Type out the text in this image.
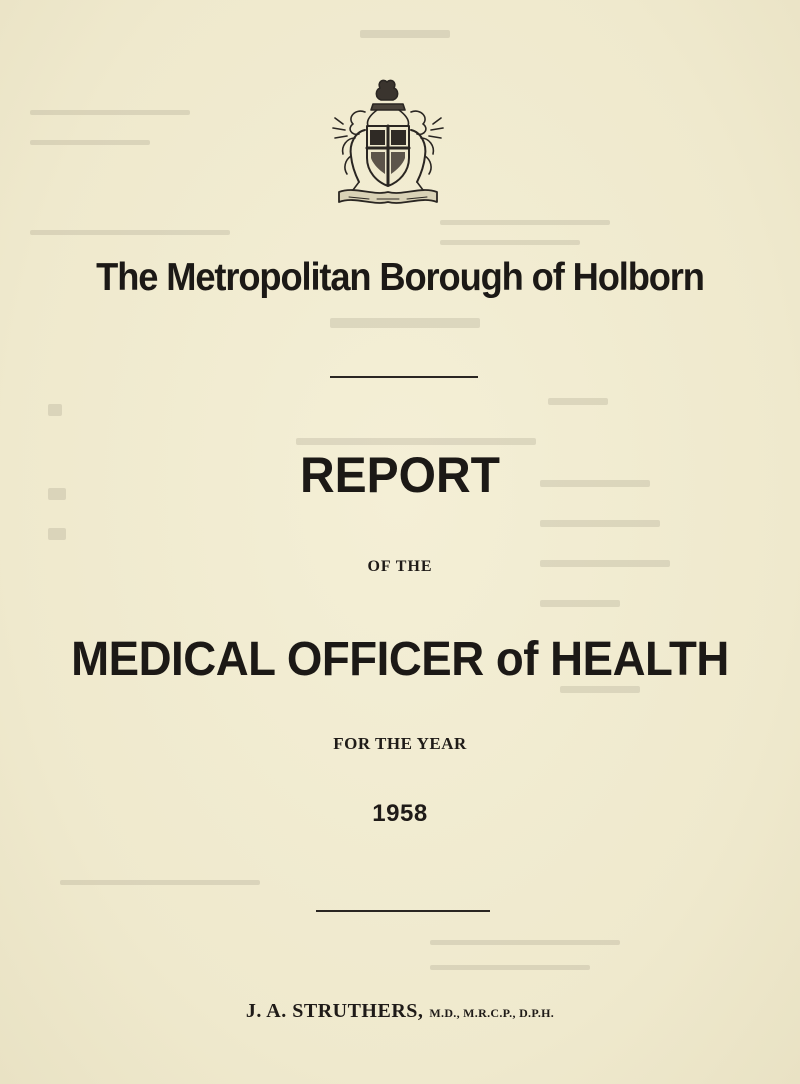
The Metropolitan Borough of Holborn
REPORT
OF THE
MEDICAL OFFICER of HEALTH
FOR THE YEAR
1958
J. A. STRUTHERS, M.D., M.R.C.P., D.P.H.
